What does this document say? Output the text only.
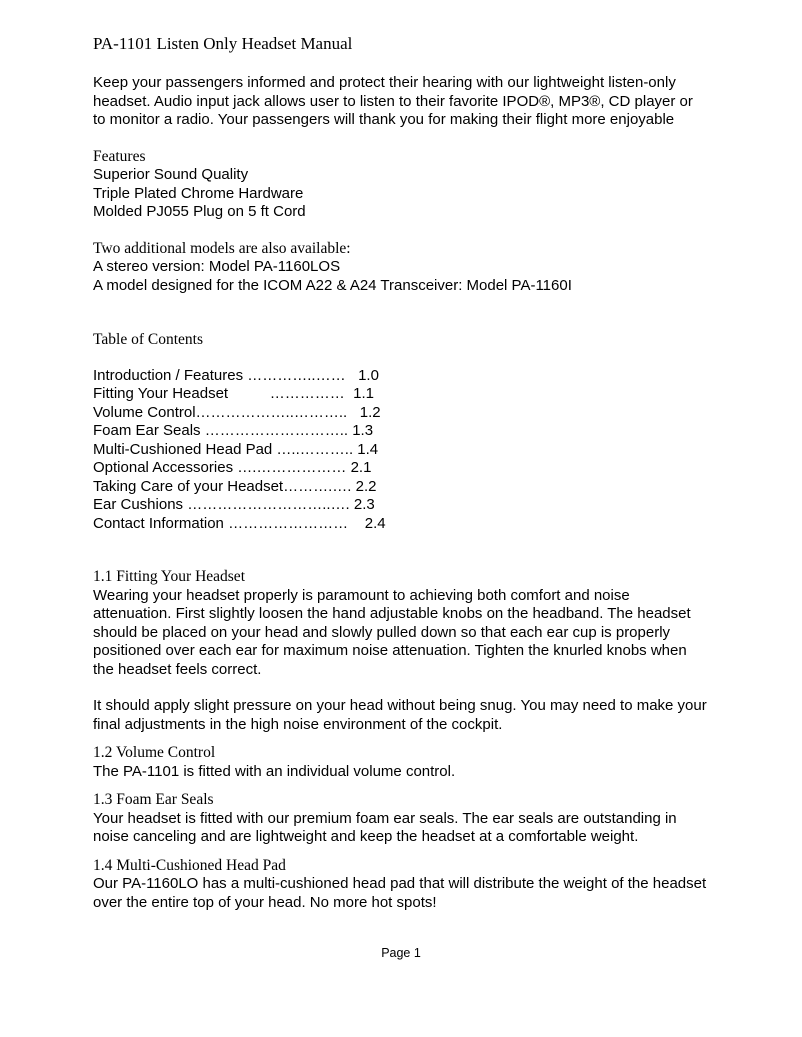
PA-1101 Listen Only Headset Manual

Keep your passengers informed and protect their hearing with our lightweight listen-only headset. Audio input jack allows user to listen to their favorite IPOD®, MP3®, CD player or to monitor a radio. Your passengers will thank you for making their flight more enjoyable

Features
Superior Sound Quality
Triple Plated Chrome Hardware
Molded PJ055 Plug on 5 ft Cord
Two additional models are also available:
A stereo version: Model PA-1160LOS
A model designed for the ICOM A22 & A24 Transceiver: Model PA-1160I
Table of Contents
Introduction / Features …………..……   1.0
Fitting Your Headset          ……………  1.1
Volume Control………………..………..   1.2
Foam Ear Seals ……………………….. 1.3
Multi-Cushioned Head Pad …..……….. 1.4
Optional Accessories ….……………… 2.1
Taking Care of your Headset……….…. 2.2
Ear Cushions ………………………..…. 2.3
Contact Information ……………………    2.4
1.1 Fitting Your Headset

Wearing your headset properly is paramount to achieving both comfort and noise attenuation. First slightly loosen the hand adjustable knobs on the headband. The headset should be placed on your head and slowly pulled down so that each ear cup is properly positioned over each ear for maximum noise attenuation. Tighten the knurled knobs when the headset feels correct.

It should apply slight pressure on your head without being snug. You may need to make your final adjustments in the high noise environment of the cockpit.

1.2 Volume Control

The PA-1101 is fitted with an individual volume control.

1.3 Foam Ear Seals

Your headset is fitted with our premium foam ear seals. The ear seals are outstanding in noise canceling and are lightweight and keep the headset at a comfortable weight.

1.4 Multi-Cushioned Head Pad

Our PA-1160LO has a multi-cushioned head pad that will distribute the weight of the headset over the entire top of your head. No more hot spots!

Page 1
